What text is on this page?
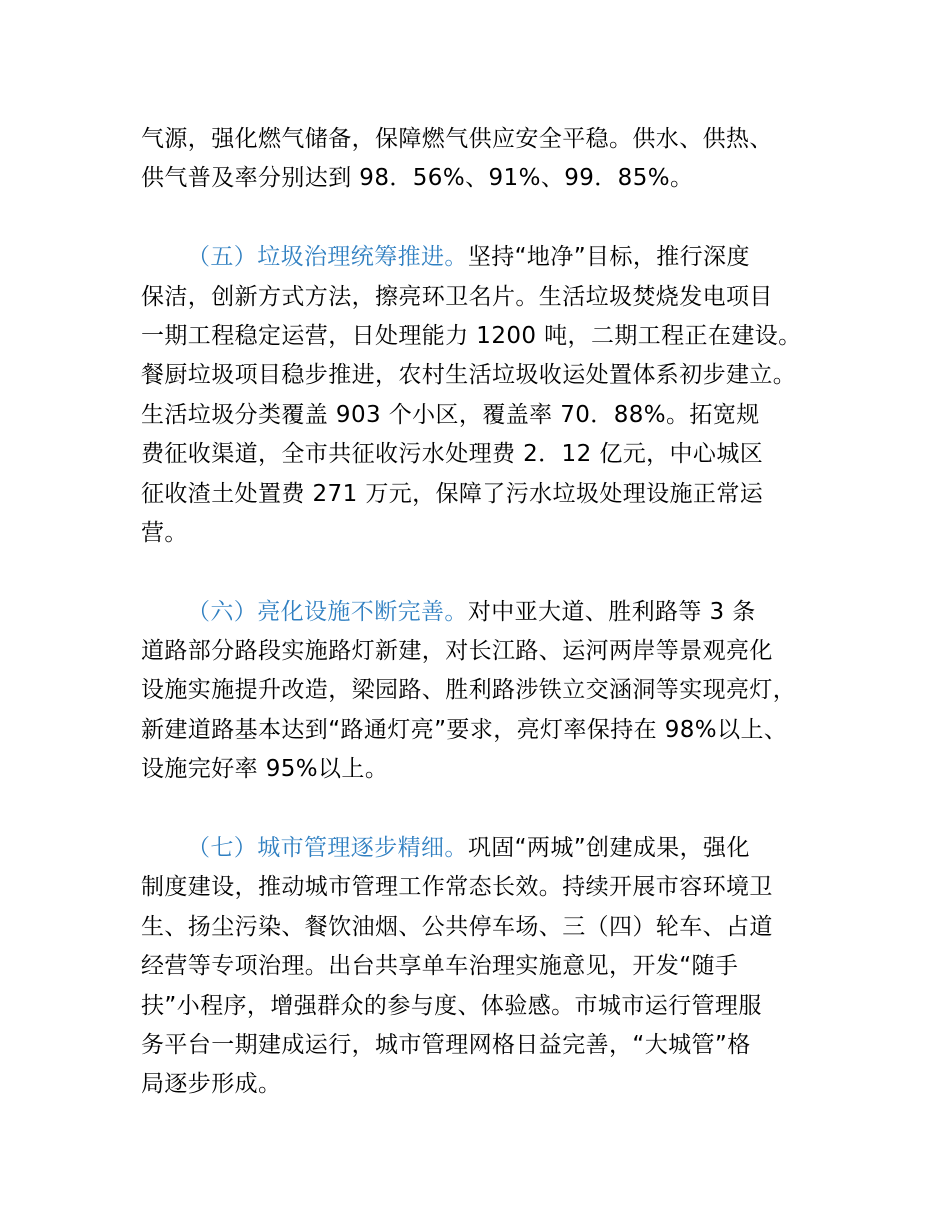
气源，强化燃气储备，保障燃气供应安全平稳。供水、供热、
供气普及率分别达到 98．56%、91%、99．85%。
（五）垃圾治理统筹推进。坚持“地净”目标，推行深度
保洁，创新方式方法，擦亮环卫名片。生活垃圾焚烧发电项目
一期工程稳定运营，日处理能力 1200 吨，二期工程正在建设。
餐厨垃圾项目稳步推进，农村生活垃圾收运处置体系初步建立。
生活垃圾分类覆盖 903 个小区，覆盖率 70．88%。拓宽规
费征收渠道，全市共征收污水处理费 2．12 亿元，中心城区
征收渣土处置费 271 万元，保障了污水垃圾处理设施正常运
营。
（六）亮化设施不断完善。对中亚大道、胜利路等 3 条
道路部分路段实施路灯新建，对长江路、运河两岸等景观亮化
设施实施提升改造，梁园路、胜利路涉铁立交涵洞等实现亮灯，
新建道路基本达到“路通灯亮”要求，亮灯率保持在 98%以上、
设施完好率 95%以上。
（七）城市管理逐步精细。巩固“两城”创建成果，强化
制度建设，推动城市管理工作常态长效。持续开展市容环境卫
生、扬尘污染、餐饮油烟、公共停车场、三（四）轮车、占道
经营等专项治理。出台共享单车治理实施意见，开发“随手
扶”小程序，增强群众的参与度、体验感。市城市运行管理服
务平台一期建成运行，城市管理网格日益完善，“大城管”格
局逐步形成。
